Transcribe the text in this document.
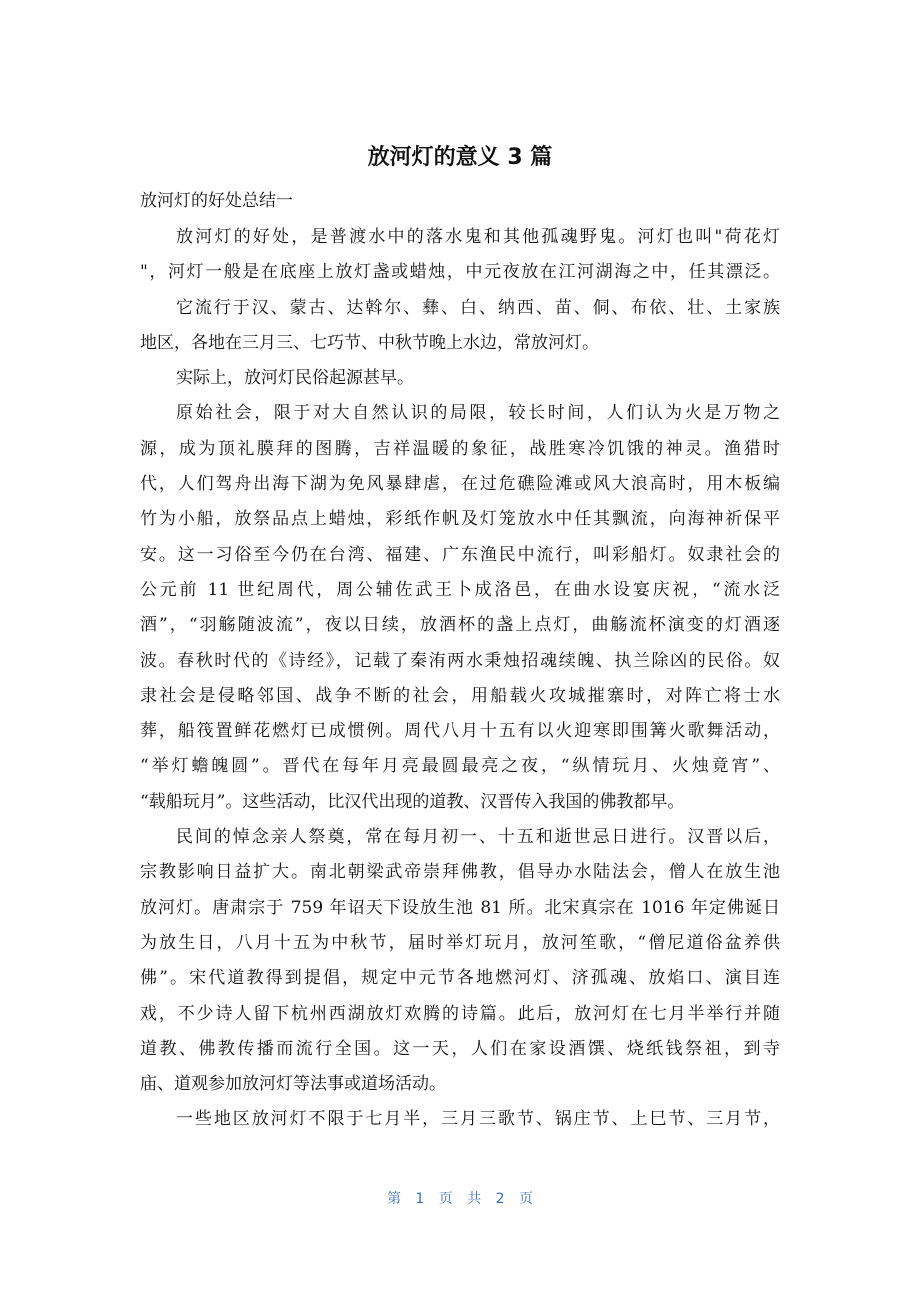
放河灯的意义 3 篇
放河灯的好处总结一
放河灯的好处，是普渡水中的落水鬼和其他孤魂野鬼。河灯也叫"荷花灯
"，河灯一般是在底座上放灯盏或蜡烛，中元夜放在江河湖海之中，任其漂泛。
它流行于汉、蒙古、达斡尔、彝、白、纳西、苗、侗、布依、壮、土家族
地区，各地在三月三、七巧节、中秋节晚上水边，常放河灯。
实际上，放河灯民俗起源甚早。
原始社会，限于对大自然认识的局限，较长时间，人们认为火是万物之
源，成为顶礼膜拜的图腾，吉祥温暖的象征，战胜寒冷饥饿的神灵。渔猎时
代，人们驾舟出海下湖为免风暴肆虐，在过危礁险滩或风大浪高时，用木板编
竹为小船，放祭品点上蜡烛，彩纸作帆及灯笼放水中任其飘流，向海神祈保平
安。这一习俗至今仍在台湾、福建、广东渔民中流行，叫彩船灯。奴隶社会的
公元前 11 世纪周代，周公辅佐武王卜成洛邑，在曲水设宴庆祝，“流水泛
酒”，“羽觞随波流”，夜以日续，放酒杯的盏上点灯，曲觞流杯演变的灯酒逐
波。春秋时代的《诗经》，记载了秦洧两水秉烛招魂续魄、执兰除凶的民俗。奴
隶社会是侵略邻国、战争不断的社会，用船载火攻城摧寨时，对阵亡将士水
葬，船筏置鲜花燃灯已成惯例。周代八月十五有以火迎寒即围篝火歌舞活动，
“举灯蟾魄圆”。晋代在每年月亮最圆最亮之夜，“纵情玩月、火烛竟宵”、
“载船玩月”。这些活动，比汉代出现的道教、汉晋传入我国的佛教都早。
民间的悼念亲人祭奠，常在每月初一、十五和逝世忌日进行。汉晋以后，
宗教影响日益扩大。南北朝梁武帝崇拜佛教，倡导办水陆法会，僧人在放生池
放河灯。唐肃宗于 759 年诏天下设放生池 81 所。北宋真宗在 1016 年定佛诞日
为放生日，八月十五为中秋节，届时举灯玩月，放河笙歌，“僧尼道俗盆养供
佛”。宋代道教得到提倡，规定中元节各地燃河灯、济孤魂、放焰口、演目连
戏，不少诗人留下杭州西湖放灯欢腾的诗篇。此后，放河灯在七月半举行并随
道教、佛教传播而流行全国。这一天，人们在家设酒馔、烧纸钱祭祖，到寺
庙、道观参加放河灯等法事或道场活动。
一些地区放河灯不限于七月半，三月三歌节、锅庄节、上巳节、三月节，
第 1 页 共 2 页
